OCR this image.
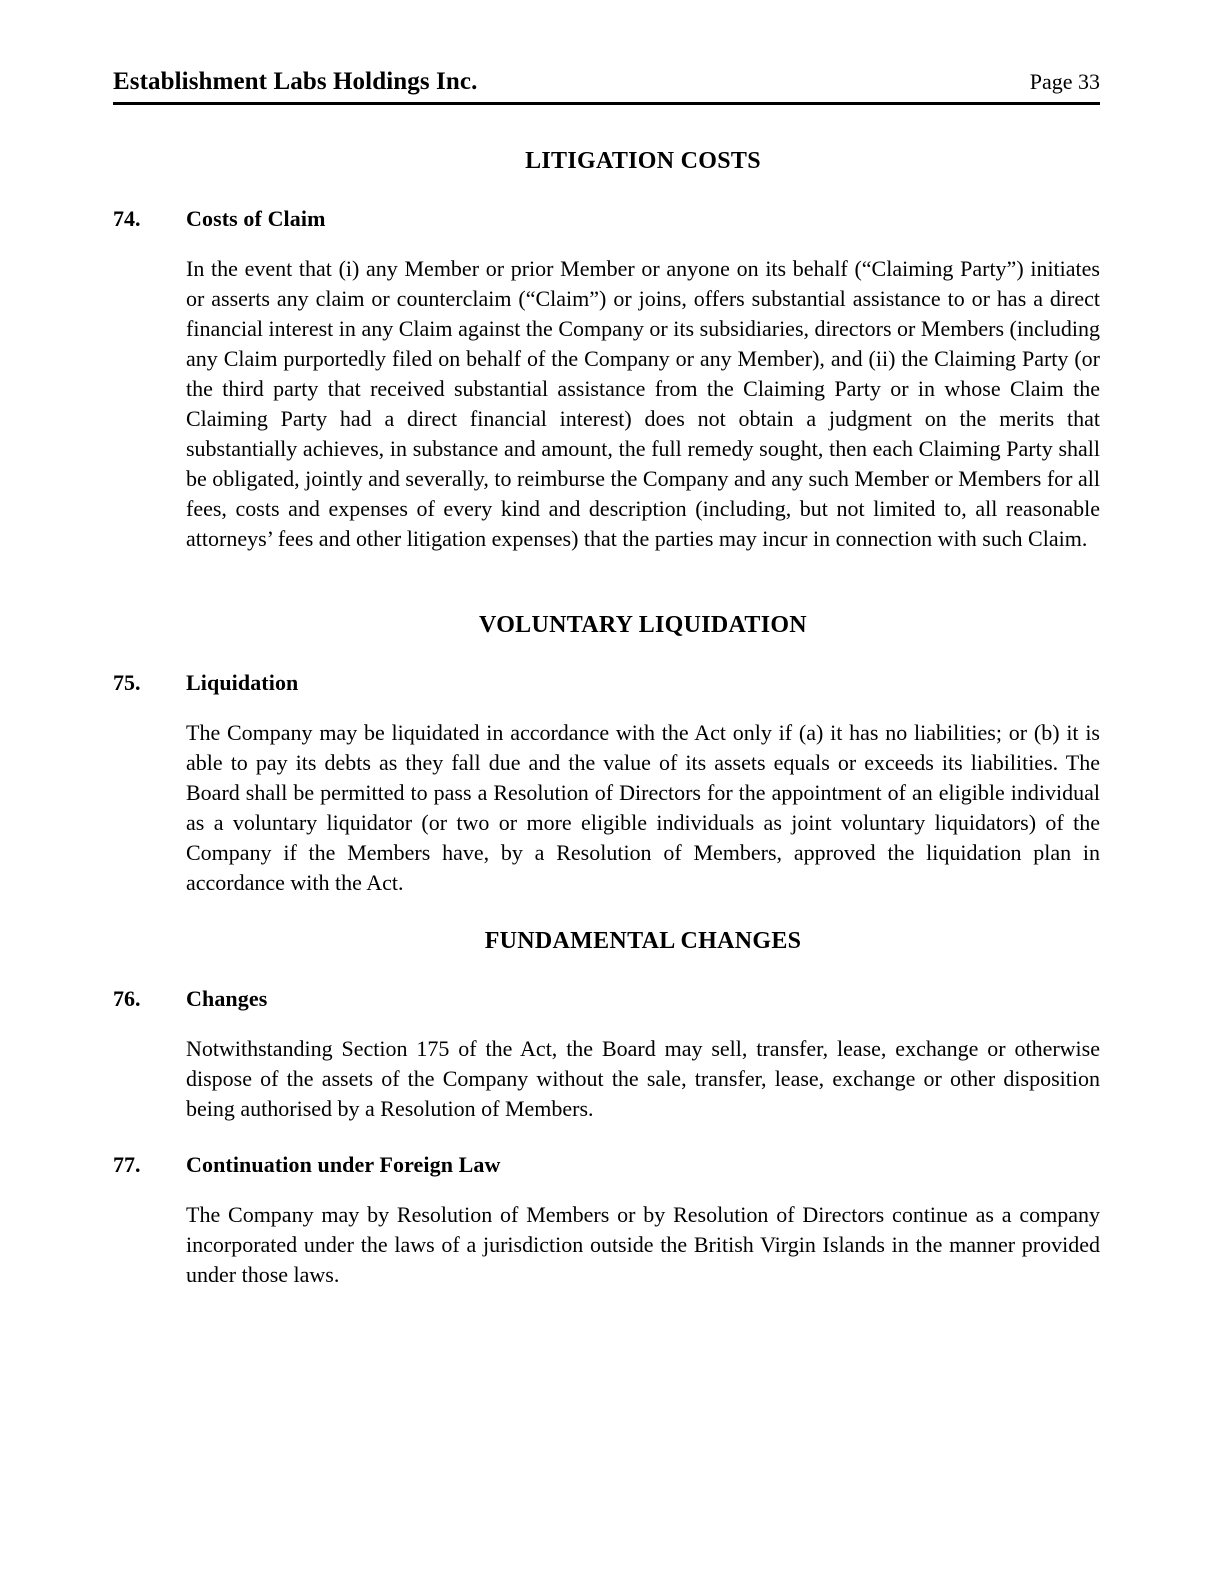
Establishment Labs Holdings Inc.	Page 33
LITIGATION COSTS
74. Costs of Claim

In the event that (i) any Member or prior Member or anyone on its behalf (“Claiming Party”) initiates or asserts any claim or counterclaim (“Claim”) or joins, offers substantial assistance to or has a direct financial interest in any Claim against the Company or its subsidiaries, directors or Members (including any Claim purportedly filed on behalf of the Company or any Member), and (ii) the Claiming Party (or the third party that received substantial assistance from the Claiming Party or in whose Claim the Claiming Party had a direct financial interest) does not obtain a judgment on the merits that substantially achieves, in substance and amount, the full remedy sought, then each Claiming Party shall be obligated, jointly and severally, to reimburse the Company and any such Member or Members for all fees, costs and expenses of every kind and description (including, but not limited to, all reasonable attorneys’ fees and other litigation expenses) that the parties may incur in connection with such Claim.

VOLUNTARY LIQUIDATION
75. Liquidation

The Company may be liquidated in accordance with the Act only if (a) it has no liabilities; or (b) it is able to pay its debts as they fall due and the value of its assets equals or exceeds its liabilities. The Board shall be permitted to pass a Resolution of Directors for the appointment of an eligible individual as a voluntary liquidator (or two or more eligible individuals as joint voluntary liquidators) of the Company if the Members have, by a Resolution of Members, approved the liquidation plan in accordance with the Act.

FUNDAMENTAL CHANGES
76. Changes

Notwithstanding Section 175 of the Act, the Board may sell, transfer, lease, exchange or otherwise dispose of the assets of the Company without the sale, transfer, lease, exchange or other disposition being authorised by a Resolution of Members.

77. Continuation under Foreign Law

The Company may by Resolution of Members or by Resolution of Directors continue as a company incorporated under the laws of a jurisdiction outside the British Virgin Islands in the manner provided under those laws.
